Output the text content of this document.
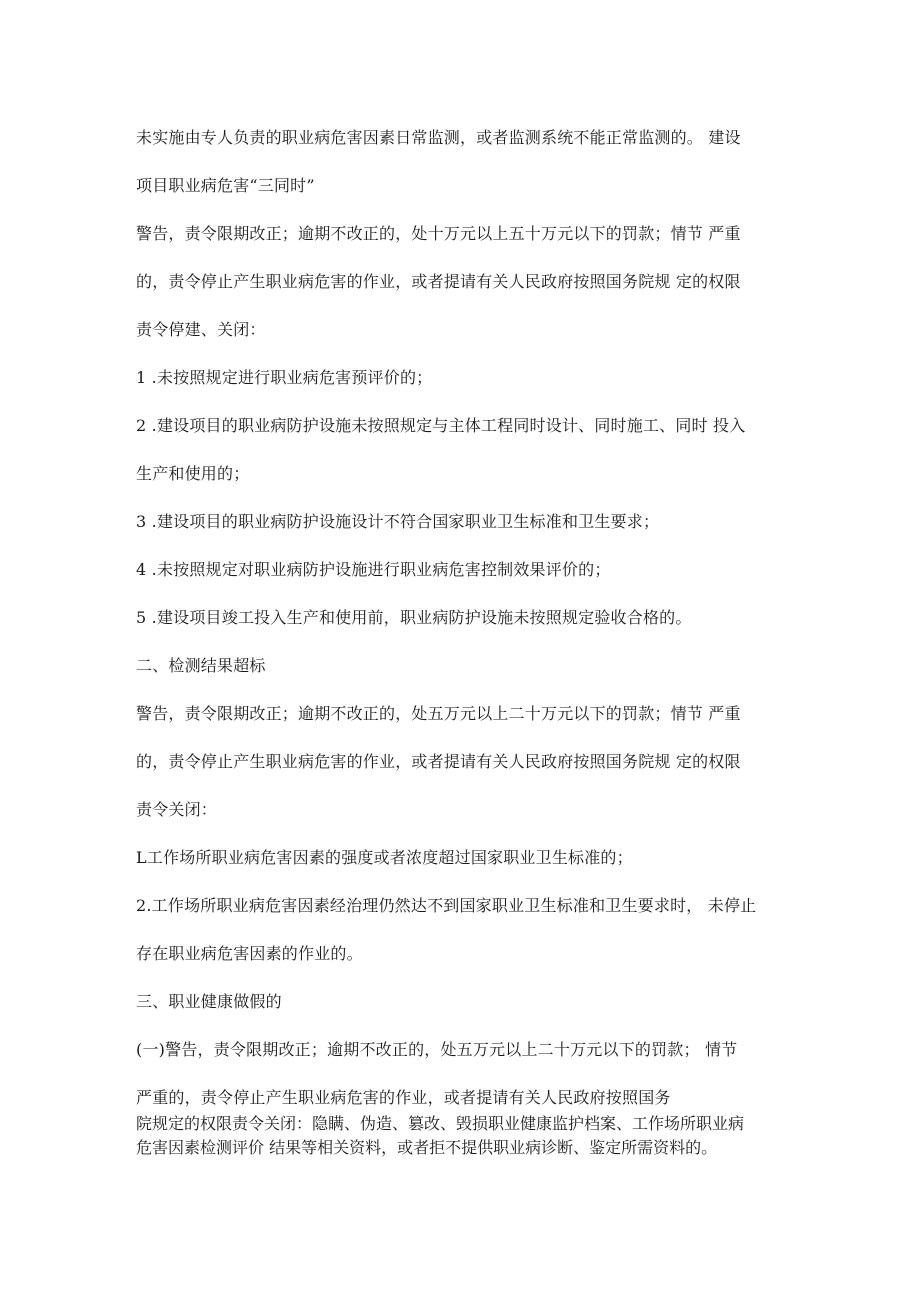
未实施由专人负责的职业病危害因素日常监测，或者监测系统不能正常监测的。 建设
项目职业病危害“三同时”
警告，责令限期改正；逾期不改正的，处十万元以上五十万元以下的罚款；情节 严重
的，责令停止产生职业病危害的作业，或者提请有关人民政府按照国务院规 定的权限
责令停建、关闭：
1 .未按照规定进行职业病危害预评价的；
2 .建设项目的职业病防护设施未按照规定与主体工程同时设计、同时施工、同时 投入
生产和使用的；
3 .建设项目的职业病防护设施设计不符合国家职业卫生标准和卫生要求；
4 .未按照规定对职业病防护设施进行职业病危害控制效果评价的；
5 .建设项目竣工投入生产和使用前，职业病防护设施未按照规定验收合格的。
二、检测结果超标
警告，责令限期改正；逾期不改正的，处五万元以上二十万元以下的罚款；情节 严重
的，责令停止产生职业病危害的作业，或者提请有关人民政府按照国务院规 定的权限
责令关闭：
L工作场所职业病危害因素的强度或者浓度超过国家职业卫生标准的；
2.工作场所职业病危害因素经治理仍然达不到国家职业卫生标准和卫生要求时， 未停止
存在职业病危害因素的作业的。
三、职业健康做假的
(一)警告，责令限期改正；逾期不改正的，处五万元以上二十万元以下的罚款； 情节
严重的，责令停止产生职业病危害的作业，或者提请有关人民政府按照国务
院规定的权限责令关闭：隐瞒、伪造、篡改、毁损职业健康监护档案、工作场所职业病
危害因素检测评价 结果等相关资料，或者拒不提供职业病诊断、鉴定所需资料的。
